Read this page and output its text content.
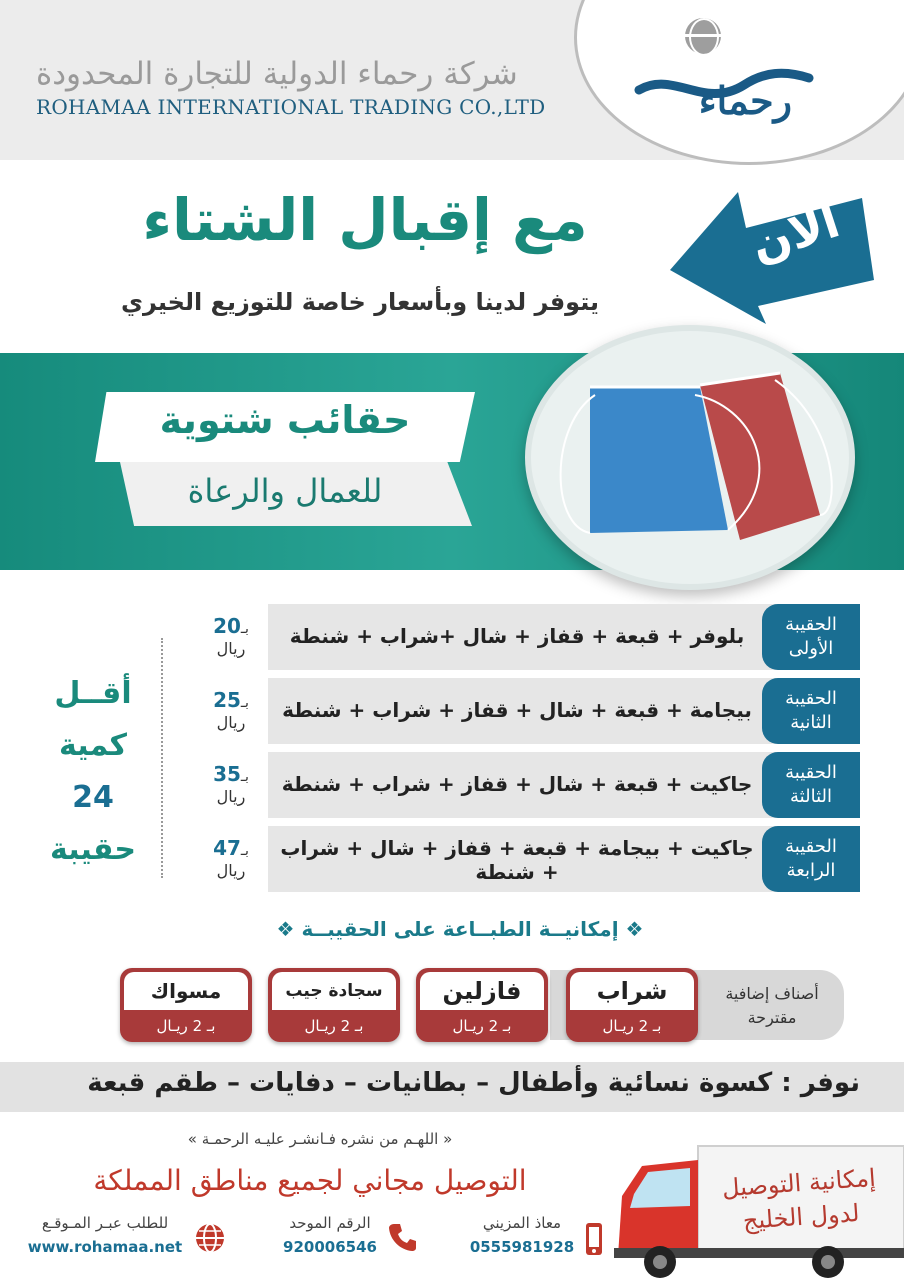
رحماء
شركة رحماء الدولية للتجارة المحدودة
ROHAMAA INTERNATIONAL TRADING CO.,LTD
الآن
مع إقبال الشتاء
يتوفر لدينا وبأسعار خاصة للتوزيع الخيري
حقائب شتوية
للعمال والرعاة
الحقيبة الأولى
بلوفر + قبعة + قفاز + شال +شراب + شنطة
بـ20
ريال
الحقيبة الثانية
بيجامة + قبعة + شال + قفاز + شراب + شنطة
بـ25
ريال
الحقيبة الثالثة
جاكيت + قبعة + شال + قفاز + شراب + شنطة
بـ35
ريال
الحقيبة الرابعة
جاكيت + بيجامة + قبعة + قفاز + شال + شراب + شنطة
بـ47
ريال
أقــل
كمية
24
حقيبة
❖ إمكانيــة الطبــاعة على الحقيبــة ❖
أصناف إضافية مقترحة
شراب
بـ 2 ريـال
فازلين
بـ 2 ريـال
سجادة جيب
بـ 2 ريـال
مسواك
بـ 2 ريـال
نوفر : كسوة نسائية وأطفال – بطانيات – دفايات – طقم قبعة
« اللهـم من نشره فـانشـر عليـه الرحمـة »
التوصيل مجاني لجميع مناطق المملكة	إمكانية التوصيل
لدول الخليج
معاذ المزيني
0555981928
الرقم الموحد
920006546
للطلب عبـر المـوقـع
www.rohamaa.net
